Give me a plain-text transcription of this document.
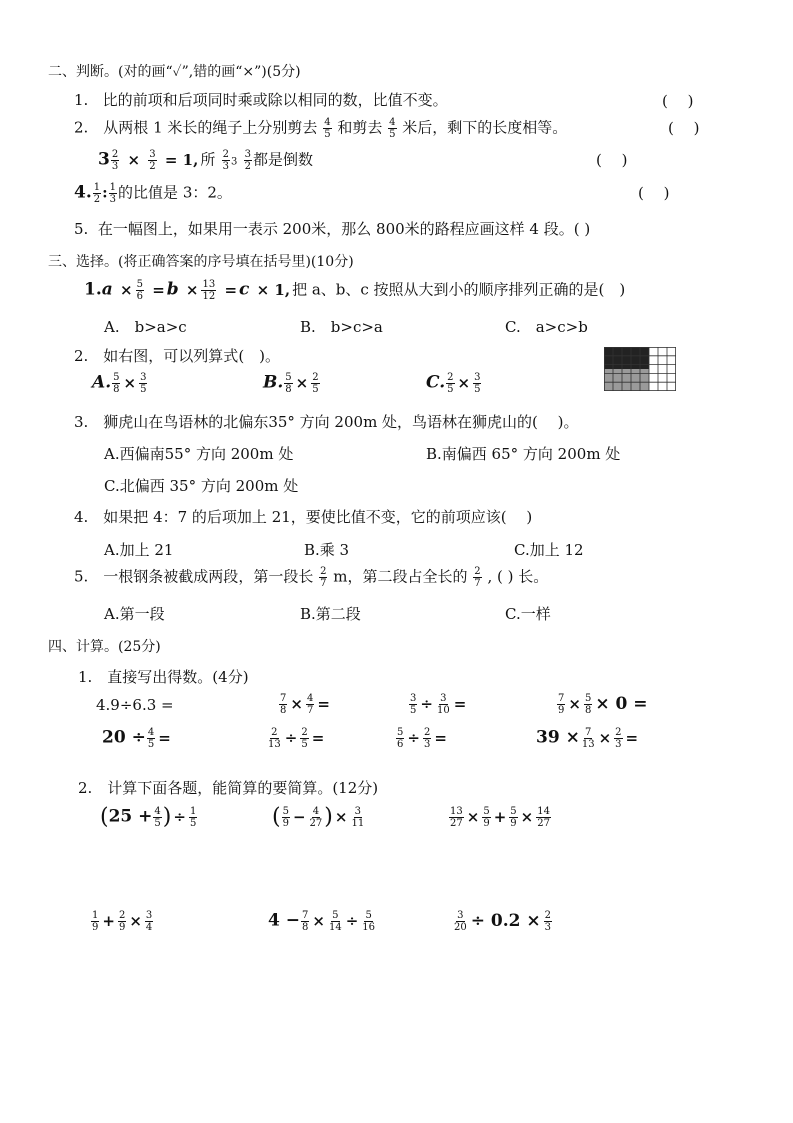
二、判断。(对的画“✓”,错的画“×”)(5分)
1. 比的前项和后项同时乘或除以相同的数，比值不变。	(　 )
2.　从两根 1 米长的绳子上分别剪去 $\frac{4}{5}$ 和剪去 $\frac{4}{5}$ 米后，剩下的长度相等。	(　 )
$3 \frac{2}{3} \times \frac{3}{2} = 1$, 所 $\frac{2}{3} 3 \frac{3}{2}$ 都是倒数	(　 )
4. $\frac{1}{2}$ : $\frac{1}{3}$ 的比值是 3：2。	(　 )
5. 在一幅图上，如果用一表示 200米，那么 800米的路程应画这样 4 段。( )
三、选择。(将正确答案的序号填在括号里)(10分)
$1.a \times \frac{5}{6} = b \times \frac{13}{12} = c \times 1$, 把 a、b、c 按照从大到小的顺序排列正确的是(　)
A.　b>a>c	B.　b>c>a	C.　a>c>b
2.　如右图，可以列算式(　)。
A. $\frac{5}{8} \times \frac{3}{5}$	B. $\frac{5}{8} \times \frac{2}{5}$	C. $\frac{2}{5} \times \frac{3}{5}$
3.　狮虎山在鸟语林的北偏东35° 方向 200m 处，鸟语林在狮虎山的(　 )。
A.西偏南55° 方向 200m 处	B.南偏西 65° 方向 200m 处
C.北偏西 35° 方向 200m 处
4.　如果把 4：7 的后项加上 21，要使比值不变，它的前项应该(　 )
A.加上 21	B.乘 3	C.加上 12
5.　一根钢条被截成两段，第一段长 $\frac{2}{7}$ m，第二段占全长的 $\frac{2}{7}$ , ( ) 长。
A.第一段	B.第二段	C.一样
四、计算。(25分)
1.　直接写出得数。(4分)
4.9÷6.3 =	$\frac{7}{8} \times \frac{4}{7}$ =	$\frac{3}{5} \div \frac{3}{10}$ =	$\frac{7}{9} \times \frac{5}{8} \times 0$ =
$20 \div \frac{4}{5}$ =	$\frac{2}{13} \div \frac{2}{5}$ =	$\frac{5}{6} \div \frac{2}{3}$ =	$39 \times \frac{7}{13} \times \frac{2}{3}$ =
2.　计算下面各题，能简算的要简算。(12分)
($25 + \frac{4}{5}$ ) ÷ $\frac{1}{5}$	( $\frac{5}{9} - \frac{4}{27}$ ) × $\frac{3}{11}$	$\frac{13}{27} \times \frac{5}{9} + \frac{5}{9} \times \frac{14}{27}$
$\frac{1}{9} + \frac{2}{9} \times \frac{3}{4}$	$4 - \frac{7}{8} \times \frac{5}{14} \div \frac{5}{16}$	$\frac{3}{20} \div 0.2 \times \frac{2}{3}$
